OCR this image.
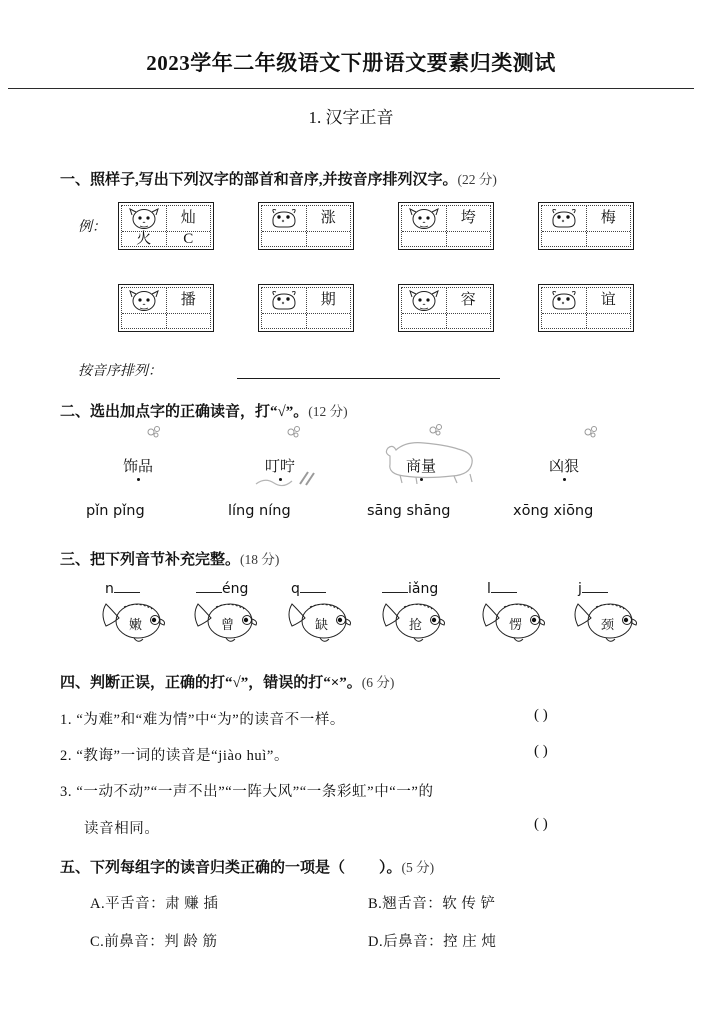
2023学年二年级语文下册语文要素归类测试
1. 汉字正音
一、照样子,写出下列汉字的部首和音序,并按音序排列汉字。(22 分)
例：
灿
火	C
涨	垮	梅
播	期	容	谊
按音序排列：
二、选出加点字的正确读音，打“√”。(12 分)
饰品	叮咛	商量	凶狠
pǐn pǐng	líng níng	sāng shāng	xōng xiōng
三、把下列音节补充完整。(18 分)
n	éng	q	iǎng	l	j
嫩	曾	缺	抢	愣	颈
四、判断正误，正确的打“√”，错误的打“×”。(6 分)
1. “为难”和“难为情”中“为”的读音不一样。	( )
2. “教诲”一词的读音是“jiào huì”。	( )
3. “一动不动”“一声不出”“一阵大风”“一条彩虹”中“一”的
读音相同。	( )
五、下列每组字的读音归类正确的一项是（ ）。(5 分)
A.平舌音：肃 赚 插	B.翘舌音：软 传 铲
C.前鼻音：判 龄 筋	D.后鼻音：控 庄 炖
